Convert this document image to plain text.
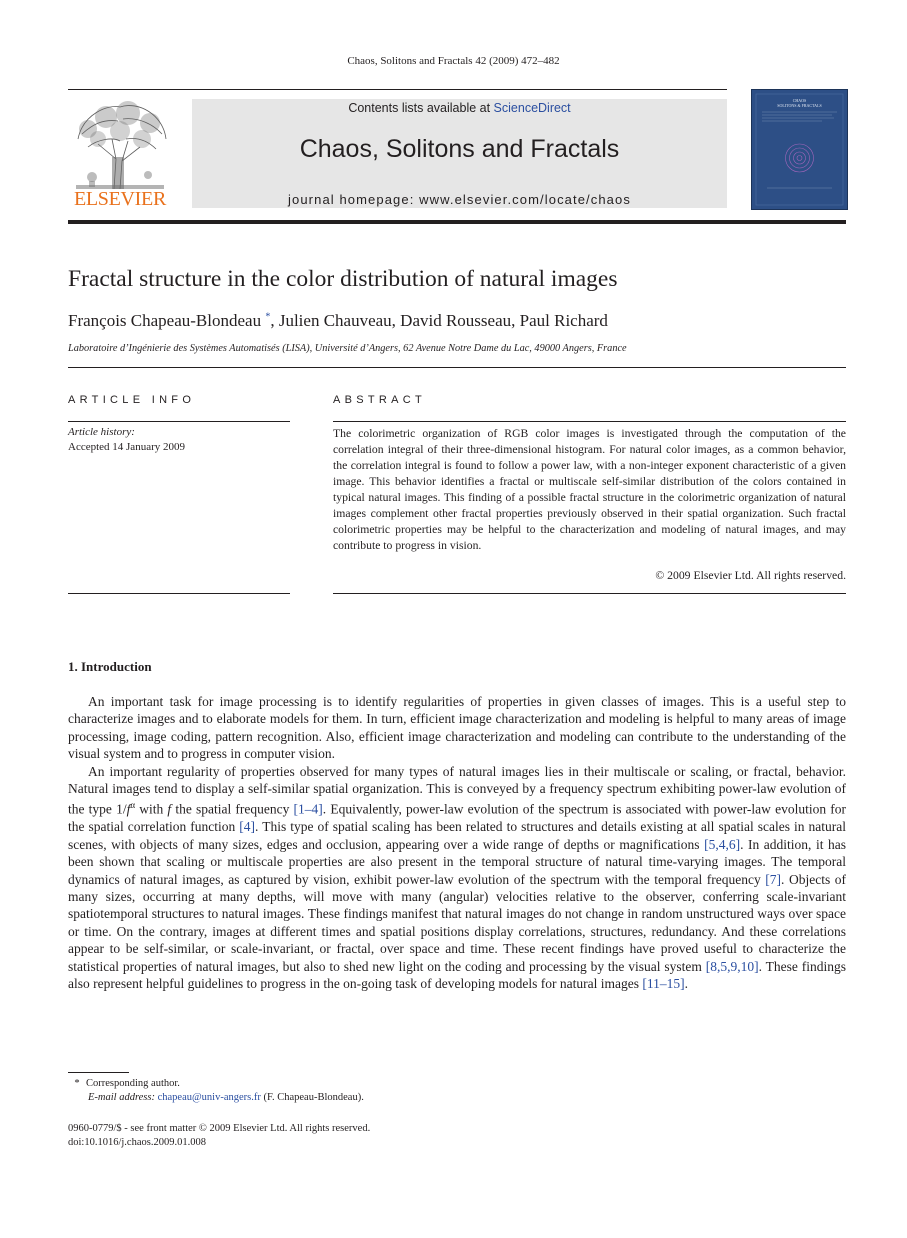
Chaos, Solitons and Fractals 42 (2009) 472–482
ELSEVIER
Contents lists available at ScienceDirect
Chaos, Solitons and Fractals
journal homepage: www.elsevier.com/locate/chaos
CHAOS
SOLITONS & FRACTALS
Fractal structure in the color distribution of natural images
François Chapeau-Blondeau *, Julien Chauveau, David Rousseau, Paul Richard
Laboratoire d’Ingénierie des Systèmes Automatisés (LISA), Université d’Angers, 62 Avenue Notre Dame du Lac, 49000 Angers, France
ARTICLE INFO
Article history:
Accepted 14 January 2009
ABSTRACT
The colorimetric organization of RGB color images is investigated through the computation of the correlation integral of their three-dimensional histogram. For natural color images, as a common behavior, the correlation integral is found to follow a power law, with a non-integer exponent characteristic of a given image. This behavior identifies a fractal or multiscale self-similar distribution of the colors contained in typical natural images. This finding of a possible fractal structure in the colorimetric organization of natural images complement other fractal properties previously observed in their spatial organization. Such fractal colorimetric properties may be helpful to the characterization and modeling of natural images, and may contribute to progress in vision.
© 2009 Elsevier Ltd. All rights reserved.
1. Introduction

An important task for image processing is to identify regularities of properties in given classes of images. This is a useful step to characterize images and to elaborate models for them. In turn, efficient image characterization and modeling is helpful to many areas of image processing, image coding, pattern recognition. Also, efficient image characterization and modeling can contribute to the understanding of the visual system and to progress in computer vision.

An important regularity of properties observed for many types of natural images lies in their multiscale or scaling, or fractal, behavior. Natural images tend to display a self-similar spatial organization. This is conveyed by a frequency spectrum exhibiting power-law evolution of the type $1/f^\alpha$ with f the spatial frequency [1–4]. Equivalently, power-law evolution of the spectrum is associated with power-law evolution for the spatial correlation function [4]. This type of spatial scaling has been related to structures and details existing at all spatial scales in natural scenes, with objects of many sizes, edges and occlusion, appearing over a wide range of depths or magnifications [5,4,6]. In addition, it has been shown that scaling or multiscale properties are also present in the temporal structure of natural time-varying images. The temporal dynamics of natural images, as captured by vision, exhibit power-law evolution of the spectrum with the temporal frequency [7]. Objects of many sizes, occurring at many depths, will move with many (angular) velocities relative to the observer, conferring scale-invariant spatiotemporal structures to natural images. These findings manifest that natural images do not change in random unstructured ways over space or time. On the contrary, images at different times and spatial positions display correlations, structures, redundancy. And these correlations appear to be self-similar, or scale-invariant, or fractal, over space and time. These recent findings have proved useful to characterize the statistical properties of natural images, but also to shed new light on the coding and processing by the visual system [8,5,9,10]. These findings also represent helpful guidelines to progress in the on-going task of developing models for natural images [11–15].

* Corresponding author.
E-mail address: chapeau@univ-angers.fr (F. Chapeau-Blondeau).
0960-0779/$ - see front matter © 2009 Elsevier Ltd. All rights reserved.
doi:10.1016/j.chaos.2009.01.008
